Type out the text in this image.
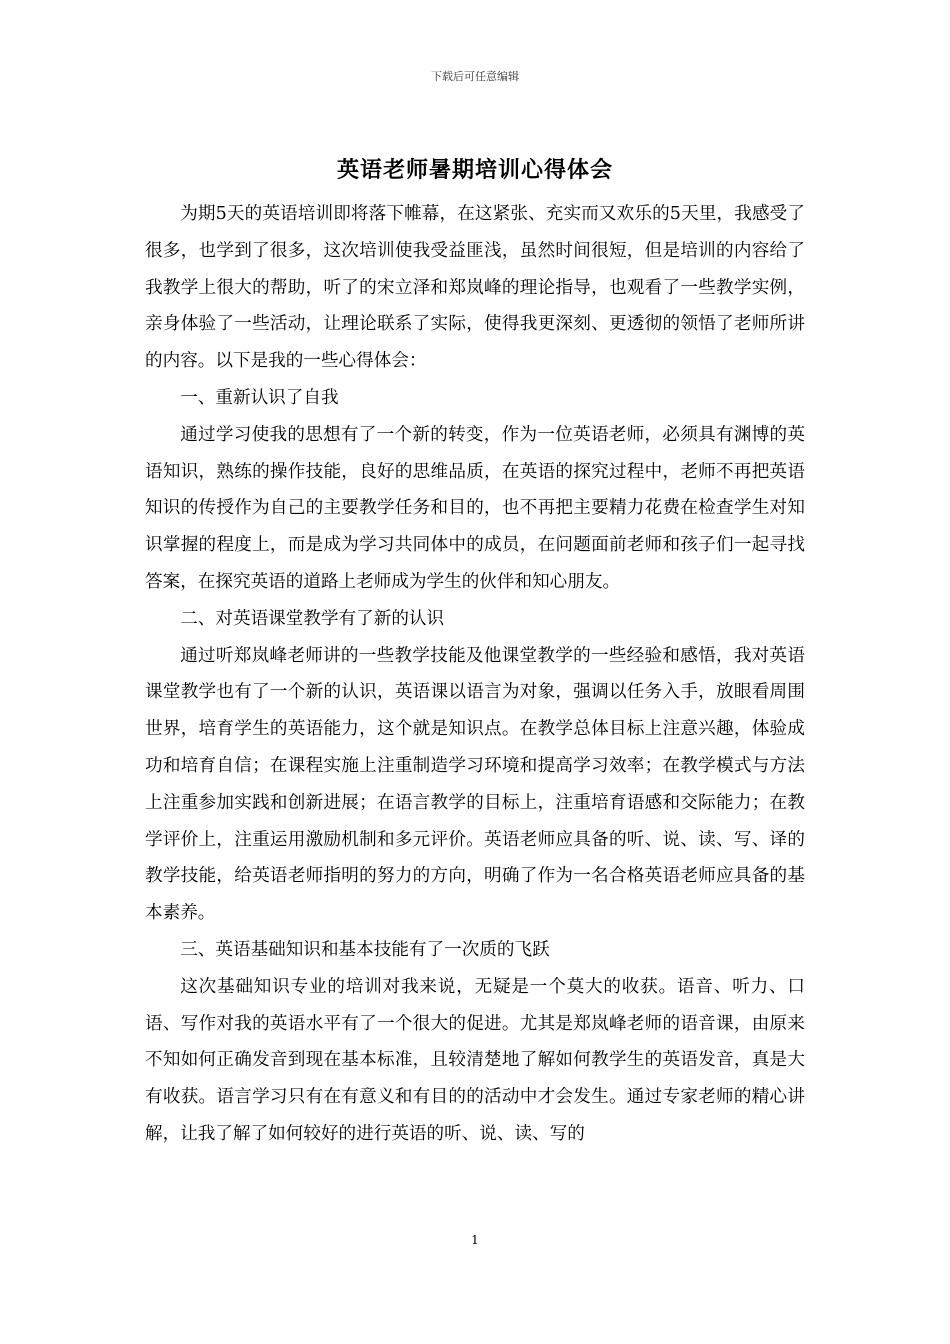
下载后可任意编辑
英语老师暑期培训心得体会

为期5天的英语培训即将落下帷幕，在这紧张、充实而又欢乐的5天里，我感受了很多，也学到了很多，这次培训使我受益匪浅，虽然时间很短，但是培训的内容给了我教学上很大的帮助，听了的宋立泽和郑岚峰的理论指导，也观看了一些教学实例，亲身体验了一些活动，让理论联系了实际，使得我更深刻、更透彻的领悟了老师所讲的内容。以下是我的一些心得体会：

一、重新认识了自我

通过学习使我的思想有了一个新的转变，作为一位英语老师，必须具有渊博的英语知识，熟练的操作技能，良好的思维品质，在英语的探究过程中，老师不再把英语知识的传授作为自己的主要教学任务和目的，也不再把主要精力花费在检查学生对知识掌握的程度上，而是成为学习共同体中的成员，在问题面前老师和孩子们一起寻找答案，在探究英语的道路上老师成为学生的伙伴和知心朋友。

二、对英语课堂教学有了新的认识

通过听郑岚峰老师讲的一些教学技能及他课堂教学的一些经验和感悟，我对英语课堂教学也有了一个新的认识，英语课以语言为对象，强调以任务入手，放眼看周围世界，培育学生的英语能力，这个就是知识点。在教学总体目标上注意兴趣，体验成功和培育自信；在课程实施上注重制造学习环境和提高学习效率；在教学模式与方法上注重参加实践和创新进展；在语言教学的目标上，注重培育语感和交际能力；在教学评价上，注重运用激励机制和多元评价。英语老师应具备的听、说、读、写、译的教学技能，给英语老师指明的努力的方向，明确了作为一名合格英语老师应具备的基本素养。

三、英语基础知识和基本技能有了一次质的飞跃

这次基础知识专业的培训对我来说，无疑是一个莫大的收获。语音、听力、口语、写作对我的英语水平有了一个很大的促进。尤其是郑岚峰老师的语音课，由原来不知如何正确发音到现在基本标准，且较清楚地了解如何教学生的英语发音，真是大有收获。语言学习只有在有意义和有目的的活动中才会发生。通过专家老师的精心讲解，让我了解了如何较好的进行英语的听、说、读、写的

1
